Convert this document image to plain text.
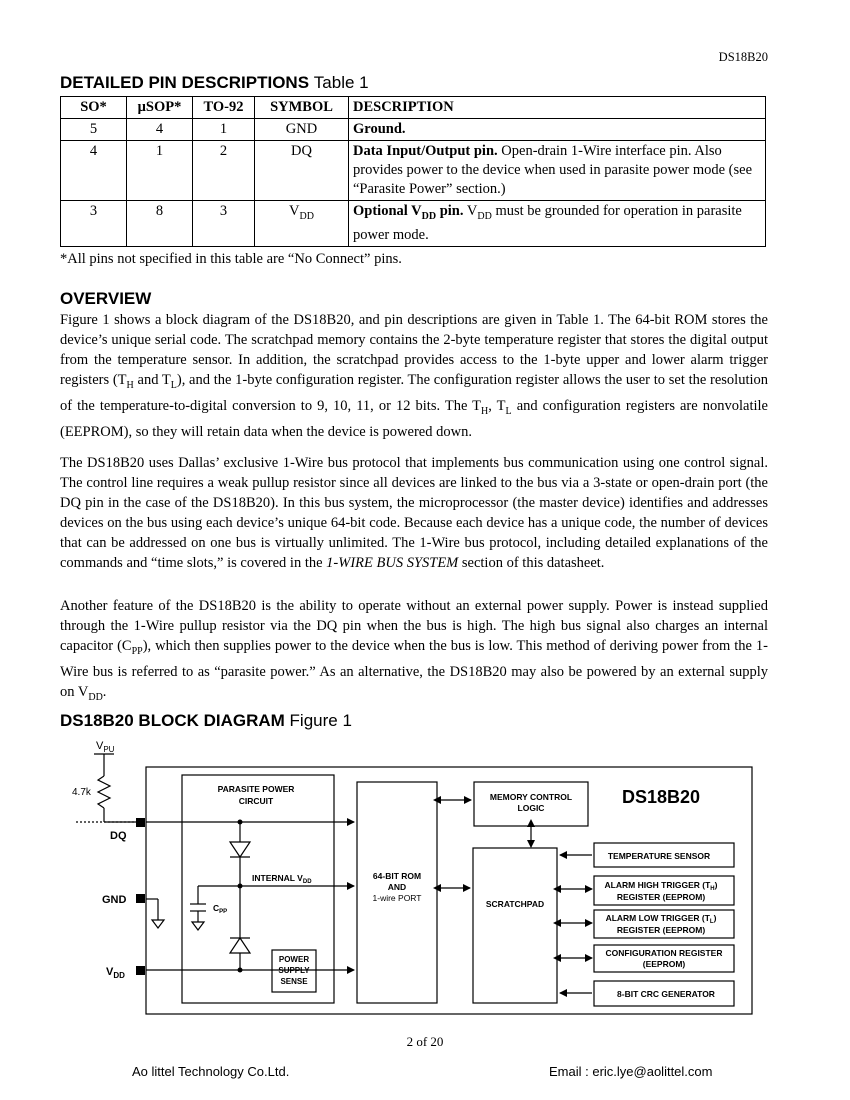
DS18B20
DETAILED PIN DESCRIPTIONS Table 1
SO*	μSOP*	TO-92	SYMBOL	DESCRIPTION
5	4	1	GND	Ground.
4	1	2	DQ	Data Input/Output pin. Open-drain 1-Wire interface pin. Also provides power to the device when used in parasite power mode (see “Parasite Power” section.)
3	8	3	$V_{DD}$	Optional $V_{DD}$ pin. $V_{DD}$ must be grounded for operation in parasite power mode.
*All pins not specified in this table are “No Connect” pins.
OVERVIEW

Figure 1 shows a block diagram of the DS18B20, and pin descriptions are given in Table 1. The 64-bit ROM stores the device’s unique serial code. The scratchpad memory contains the 2-byte temperature register that stores the digital output from the temperature sensor. In addition, the scratchpad provides access to the 1-byte upper and lower alarm trigger registers ($T_H$ and $T_L$), and the 1-byte configuration register. The configuration register allows the user to set the resolution of the temperature-to-digital conversion to 9, 10, 11, or 12 bits. The $T_H$, $T_L$ and configuration registers are nonvolatile (EEPROM), so they will retain data when the device is powered down.

The DS18B20 uses Dallas’ exclusive 1-Wire bus protocol that implements bus communication using one control signal. The control line requires a weak pullup resistor since all devices are linked to the bus via a 3-state or open-drain port (the DQ pin in the case of the DS18B20). In this bus system, the microprocessor (the master device) identifies and addresses devices on the bus using each device’s unique 64-bit code. Because each device has a unique code, the number of devices that can be addressed on one bus is virtually unlimited. The 1-Wire bus protocol, including detailed explanations of the commands and “time slots,” is covered in the 1-WIRE BUS SYSTEM section of this datasheet.

Another feature of the DS18B20 is the ability to operate without an external power supply. Power is instead supplied through the 1-Wire pullup resistor via the DQ pin when the bus is high. The high bus signal also charges an internal capacitor $(C_{PP})$, which then supplies power to the device when the bus is low. This method of deriving power from the 1-Wire bus is referred to as “parasite power.” As an alternative, the DS18B20 may also be powered by an external supply on $V_{DD}$.

DS18B20 BLOCK DIAGRAM Figure 1
$V_{PU}$
4.7k
DQ
GND
$V_{DD}$
PARASITE POWER
CIRCUIT
INTERNAL $V_{DD}$
$C_{PP}$
POWER
SUPPLY
SENSE
64-BIT ROM
AND
1-wire PORT
MEMORY CONTROL
LOGIC
DS18B20
SCRATCHPAD
TEMPERATURE SENSOR
ALARM HIGH TRIGGER $(T_H)$
REGISTER (EEPROM)
ALARM LOW TRIGGER $(T_L)$
REGISTER (EEPROM)
CONFIGURATION REGISTER
(EEPROM)
8-BIT CRC GENERATOR
2 of 20
Ao littel Technology Co.Ltd.	Email : eric.lye@aolittel.com
